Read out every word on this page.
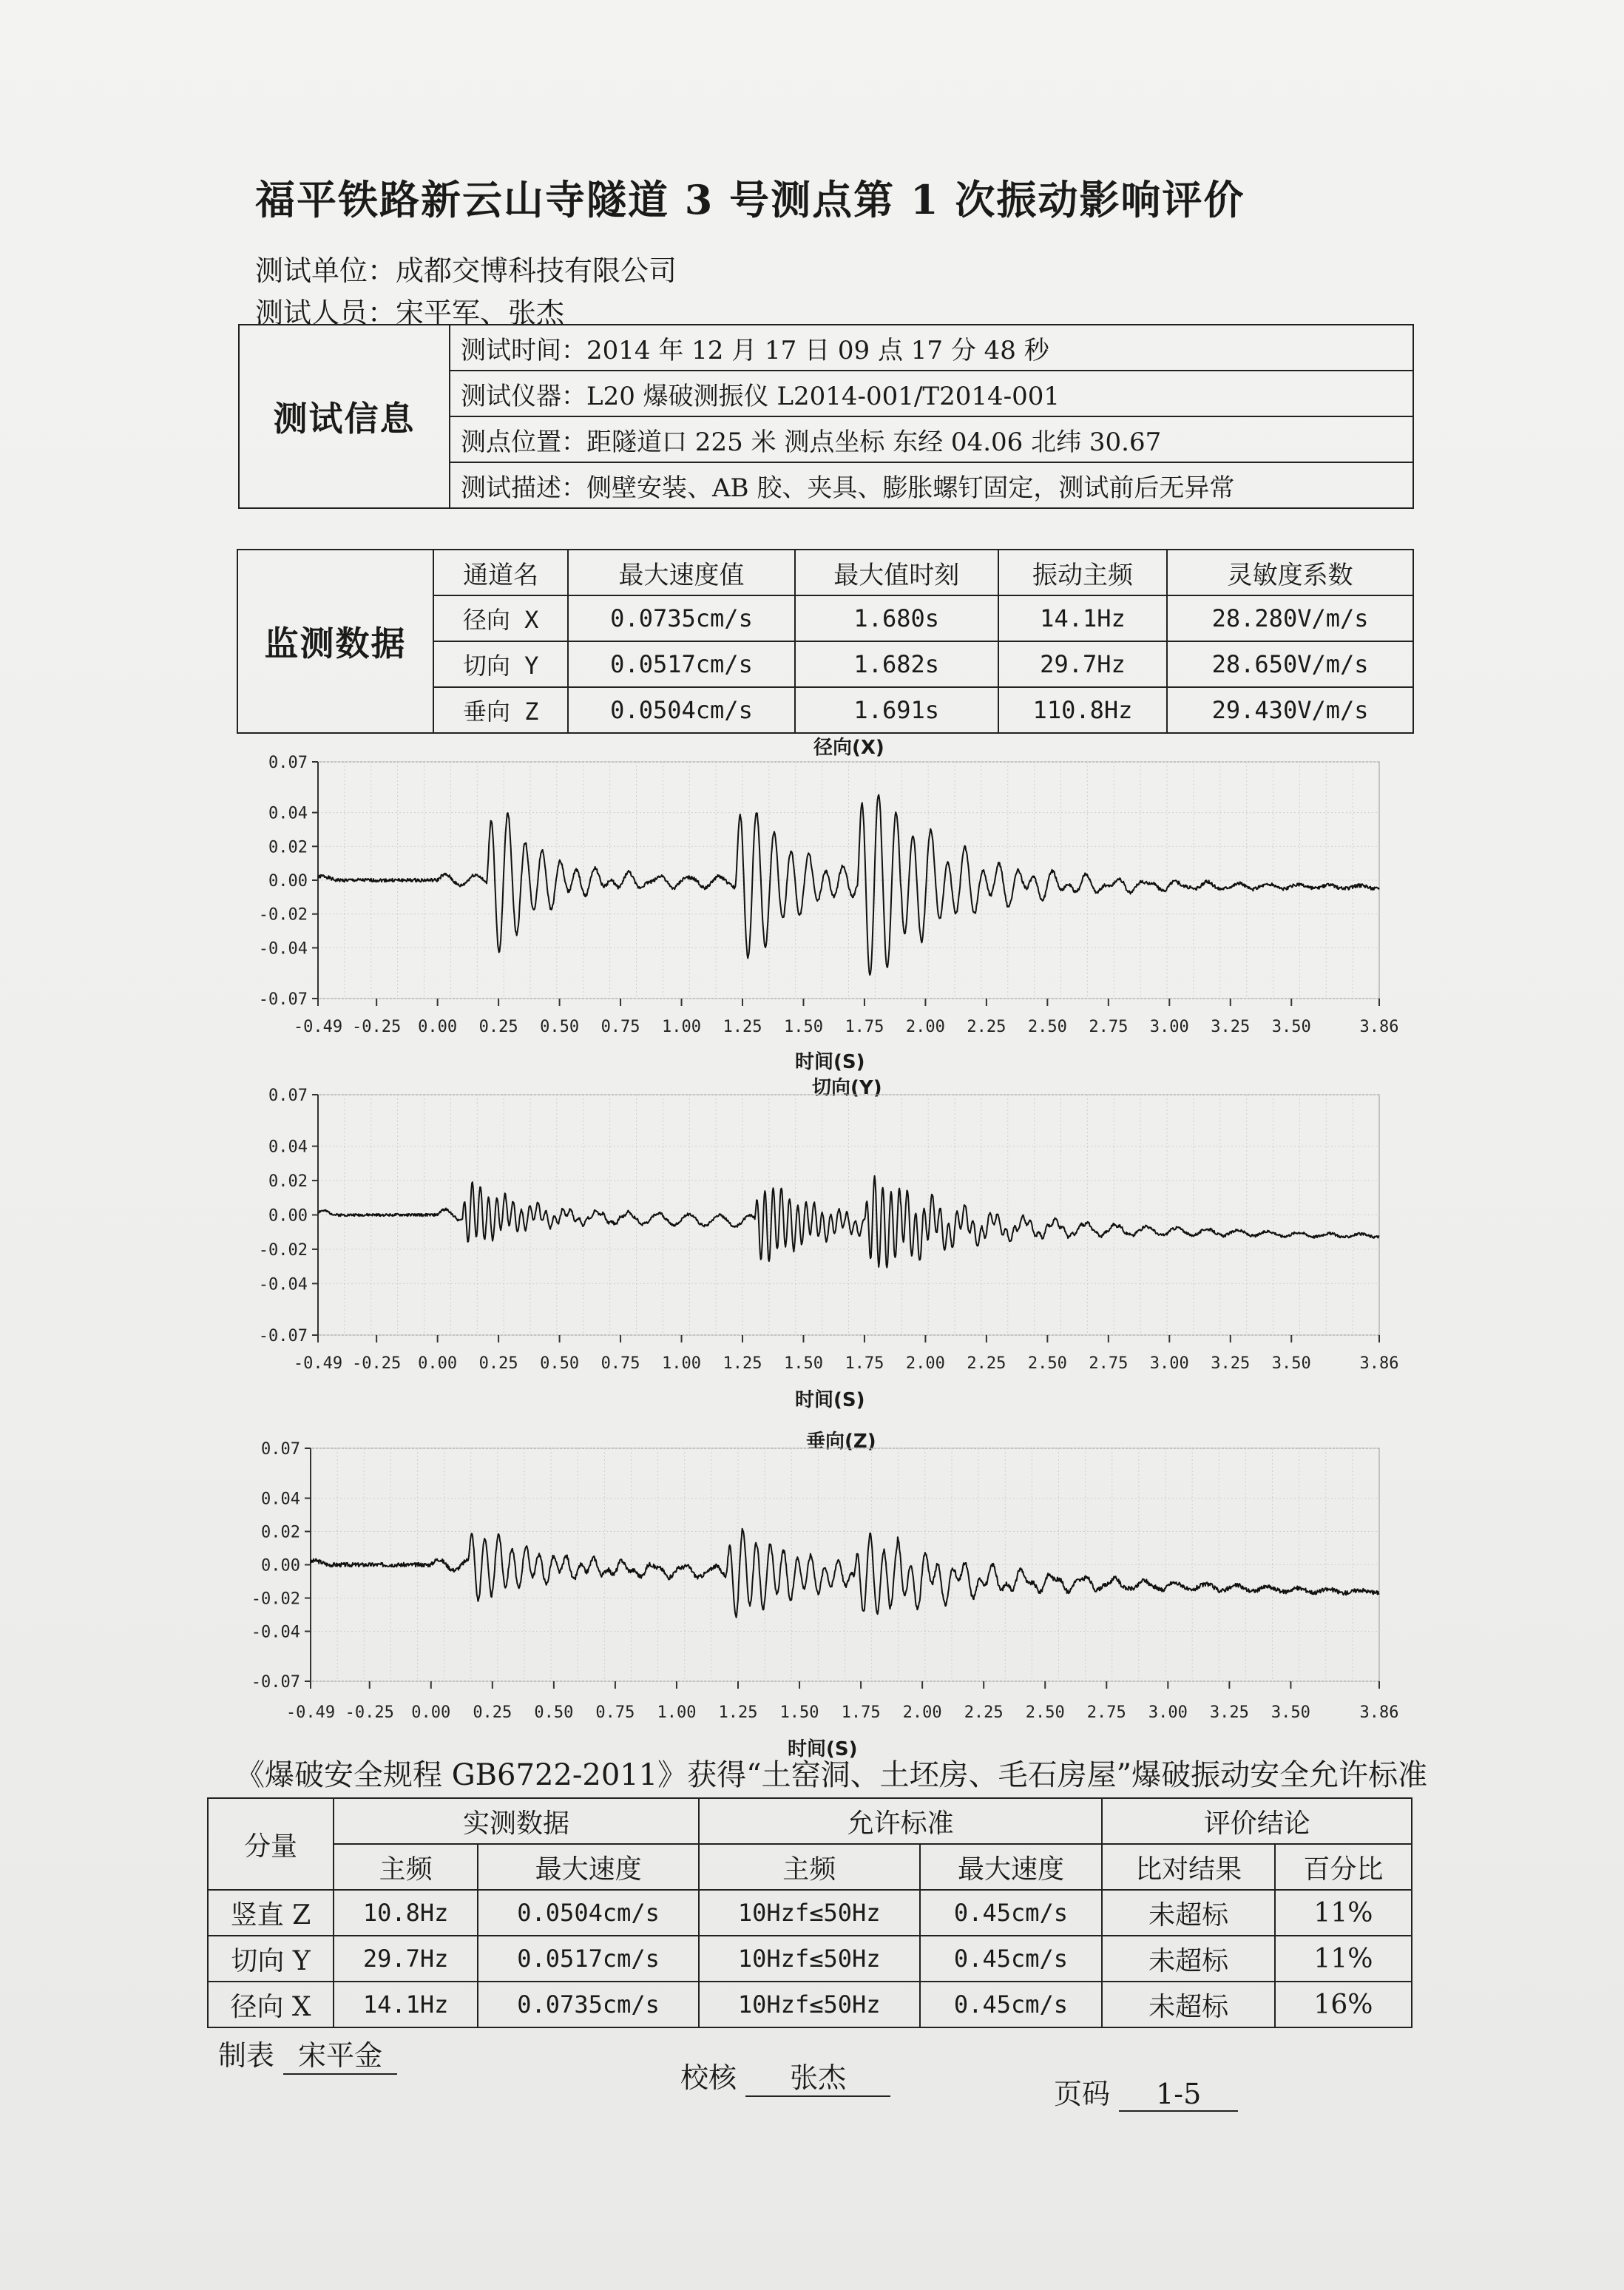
福平铁路新云山寺隧道 3 号测点第 1 次振动影响评价
测试单位：成都交博科技有限公司
测试人员：宋平军、张杰
测试信息	测试时间：2014 年 12 月 17 日 09 点 17 分 48 秒
测试仪器：L20 爆破测振仪 L2014-001/T2014-001
测点位置：距隧道口 225 米 测点坐标 东经 04.06 北纬 30.67
测试描述：侧壁安装、AB 胶、夹具、膨胀螺钉固定，测试前后无异常
监测数据	通道名	最大速度值	最大值时刻	振动主频	灵敏度系数
	径向 X	0.0735cm/s	1.680s	14.1Hz	28.280V/m/s
	切向 Y	0.0517cm/s	1.682s	29.7Hz	28.650V/m/s
	垂向 Z	0.0504cm/s	1.691s	110.8Hz	29.430V/m/s
径向(X)
0.07
0.04
0.02
0.00
-0.02
-0.04
-0.07
-0.49 -0.25 0.00 0.25 0.50 0.75 1.00 1.25 1.50 1.75 2.00 2.25 2.50 2.75 3.00 3.25 3.50	3.86
时间(S)
切向(Y)
0.07
0.04
0.02
0.00
-0.02
-0.04
-0.07
-0.49 -0.25 0.00 0.25 0.50 0.75 1.00 1.25 1.50 1.75 2.00 2.25 2.50 2.75 3.00 3.25 3.50	3.86
时间(S)
垂向(Z)
0.07
0.04
0.02
0.00
-0.02
-0.04
-0.07
-0.49 -0.25 0.00 0.25 0.50 0.75 1.00 1.25 1.50 1.75 2.00 2.25 2.50 2.75 3.00 3.25 3.50	3.86
时间(S)
《爆破安全规程 GB6722-2011》获得“土窑洞、土坯房、毛石房屋”爆破振动安全允许标准
分量	实测数据		允许标准		评价结论	
	主频	最大速度	主频	最大速度	比对结果	百分比
竖直 Z	10.8Hz	0.0504cm/s	10Hzf≤50Hz	0.45cm/s	未超标	11%
切向 Y	29.7Hz	0.0517cm/s	10Hzf≤50Hz	0.45cm/s	未超标	11%
径向 X	14.1Hz	0.0735cm/s	10Hzf≤50Hz	0.45cm/s	未超标	16%
制表 宋平金
校核 张杰	页码 1-5
